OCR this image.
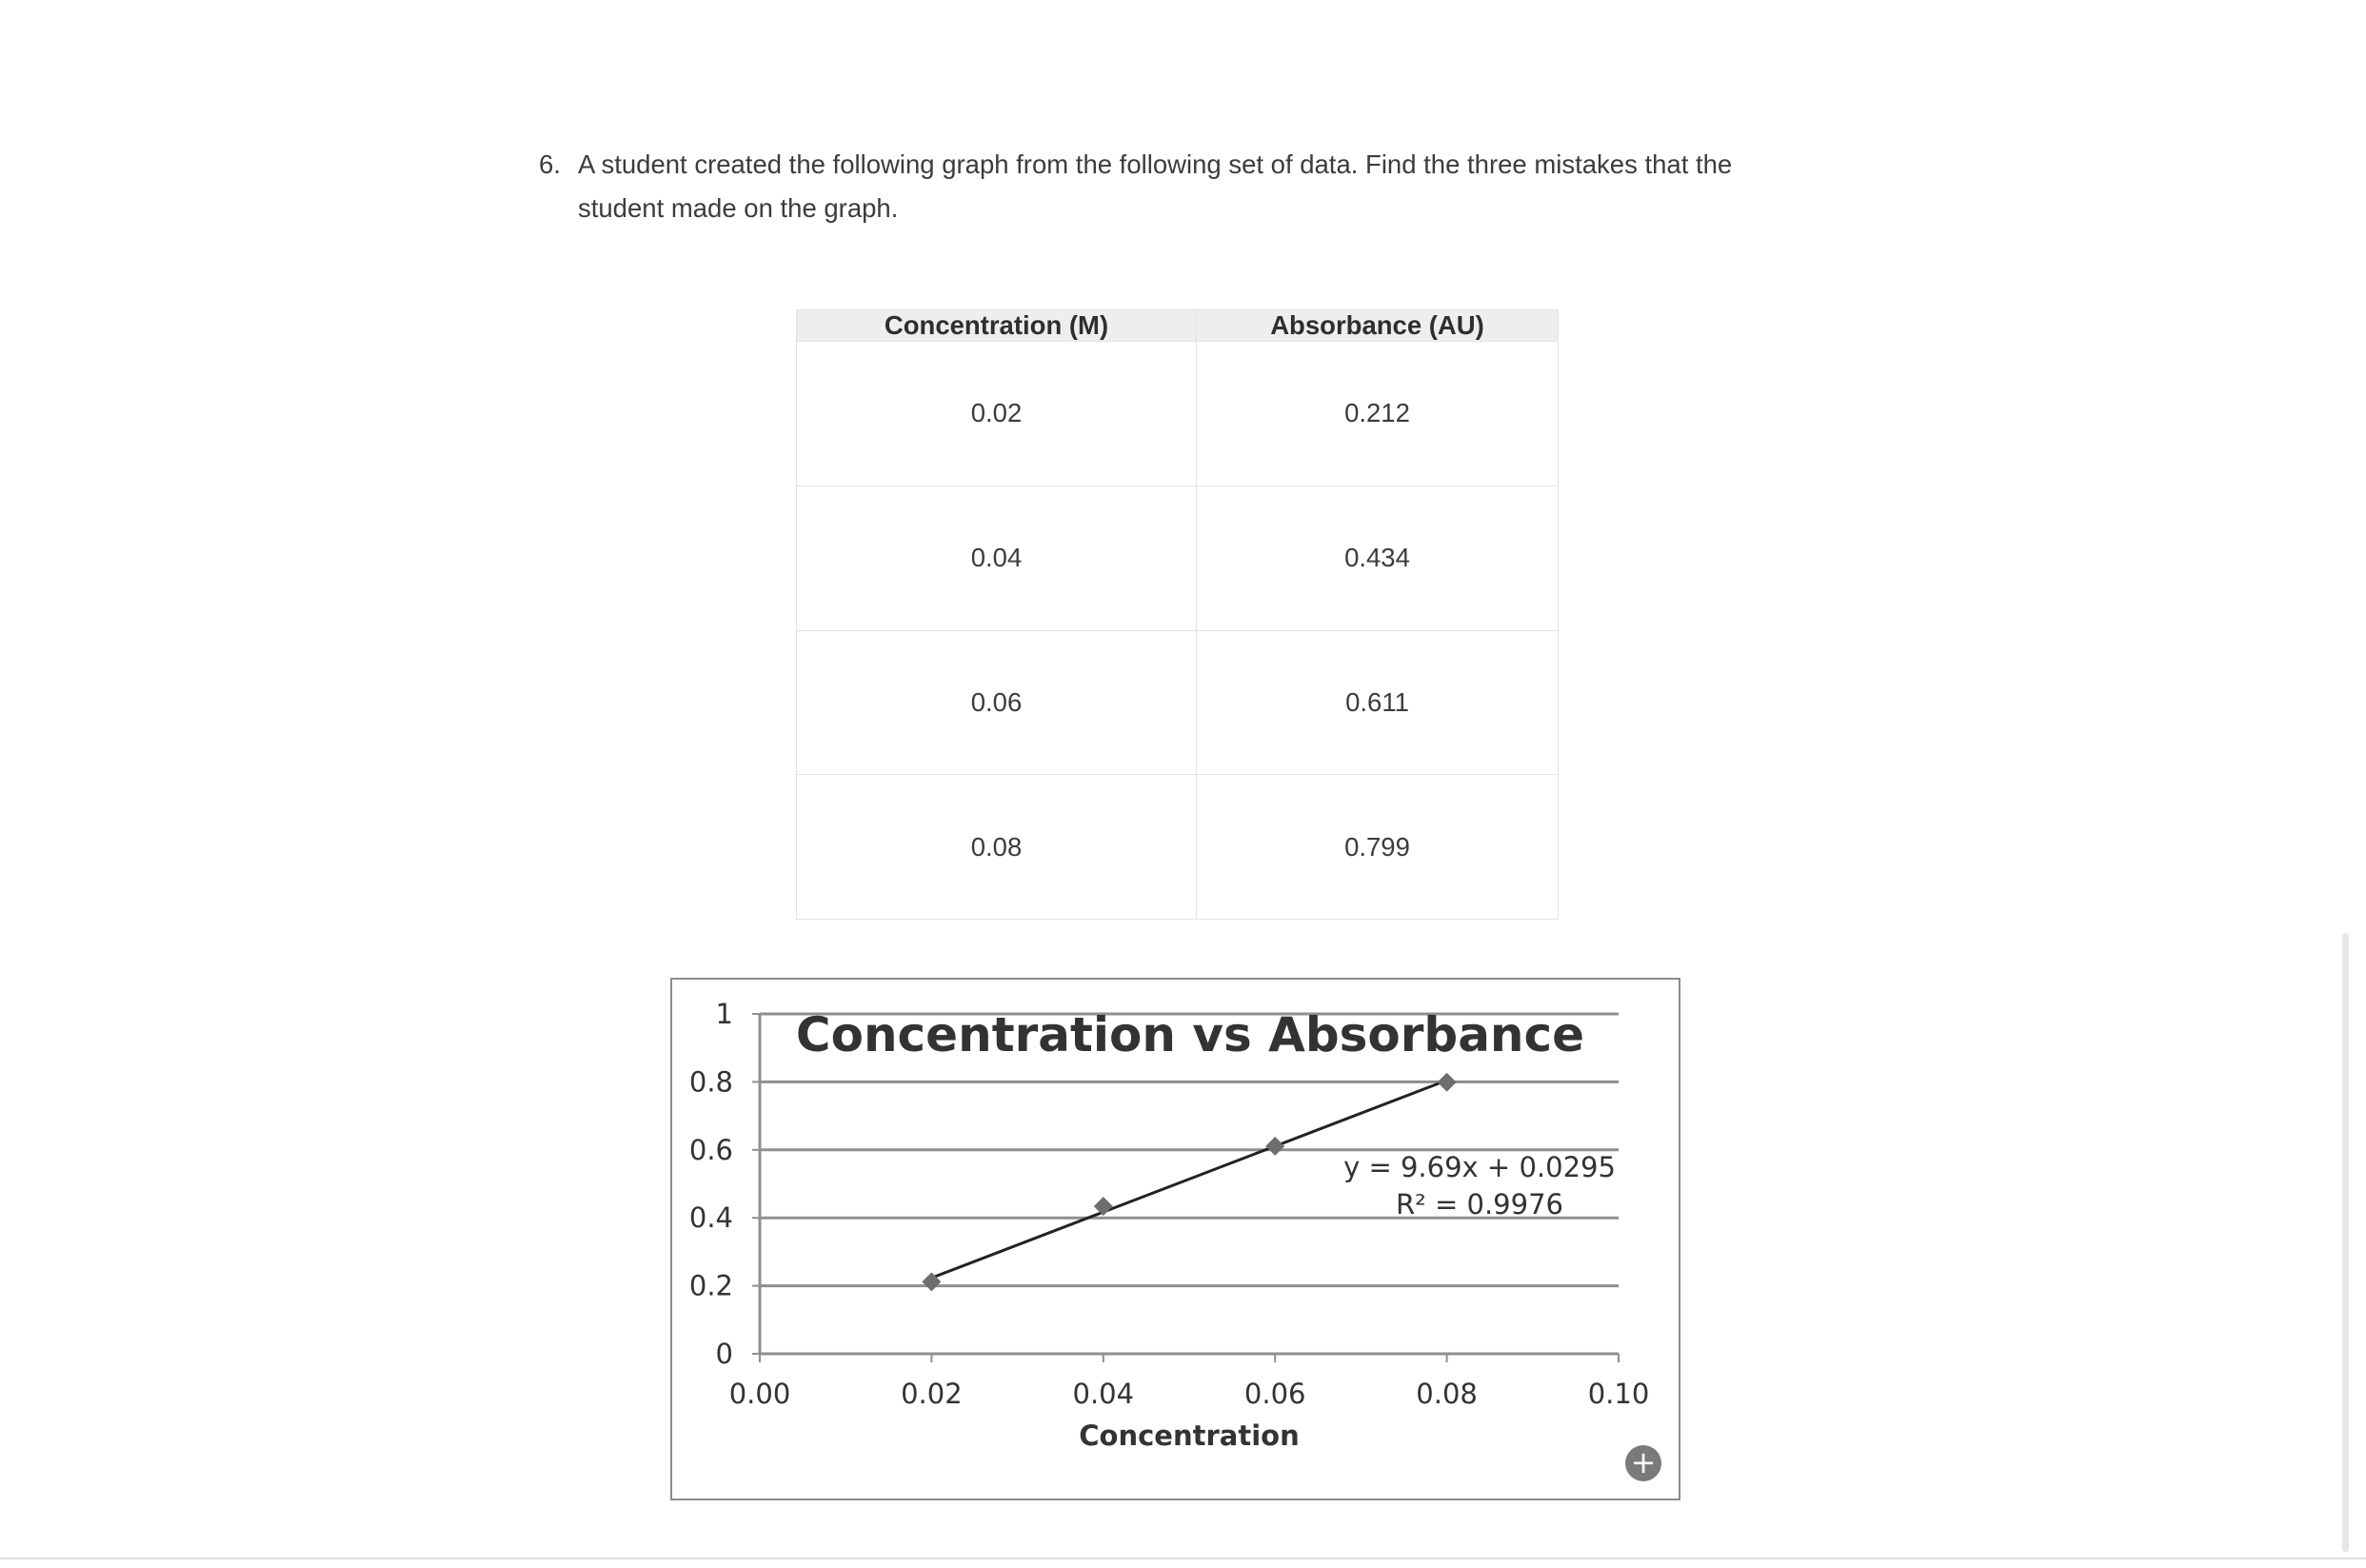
6. A student created the following graph from the following set of data. Find the three mistakes that the student made on the graph.
Concentration (M)	Absorbance (AU)
0.02	0.212
0.04	0.434
0.06	0.611
0.08	0.799
0
0.2
0.4
0.6
0.8
1
0.00	0.02	0.04	0.06	0.08	0.10
Concentration vs Absorbance
Concentration
y = 9.69x + 0.0295
R² = 0.9976
+
